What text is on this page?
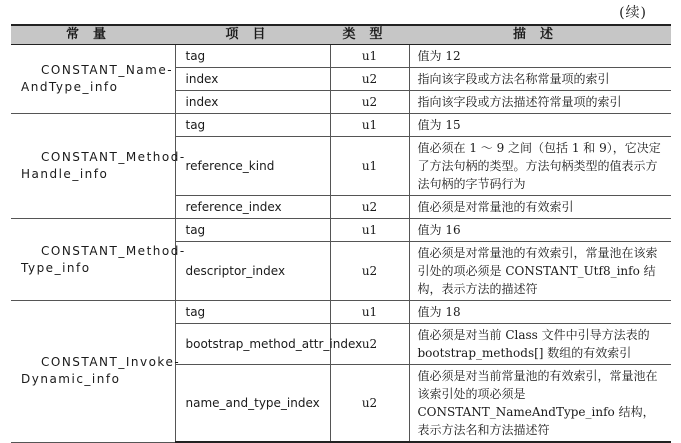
(续)
常量	项目	类型	描述

CONSTANT_Name-
AndType_info	tag	u1	值为 12
	index	u2	指向该字段或方法名称常量项的索引
	index	u2	指向该字段或方法描述符常量项的索引

CONSTANT_Method-
Handle_info	tag	u1	值为 15
	reference_kind	u1	值必须在 1 ～ 9 之间（包括 1 和 9），它决定了方法句柄的类型。方法句柄类型的值表示方法句柄的字节码行为
	reference_index	u2	值必须是对常量池的有效索引

CONSTANT_Method-
Type_info	tag	u1	值为 16
	descriptor_index	u2	值必须是对常量池的有效索引，常量池在该索引处的项必须是 CONSTANT_Utf8_info 结构，表示方法的描述符

CONSTANT_Invoke-
Dynamic_info	tag	u1	值为 18
	bootstrap_method_attr_index	u2	值必须是对当前 Class 文件中引导方法表的 bootstrap_methods[] 数组的有效索引
	name_and_type_index	u2	值必须是对当前常量池的有效索引，常量池在该索引处的项必须是 CONSTANT_NameAndType_info 结构，表示方法名和方法描述符
